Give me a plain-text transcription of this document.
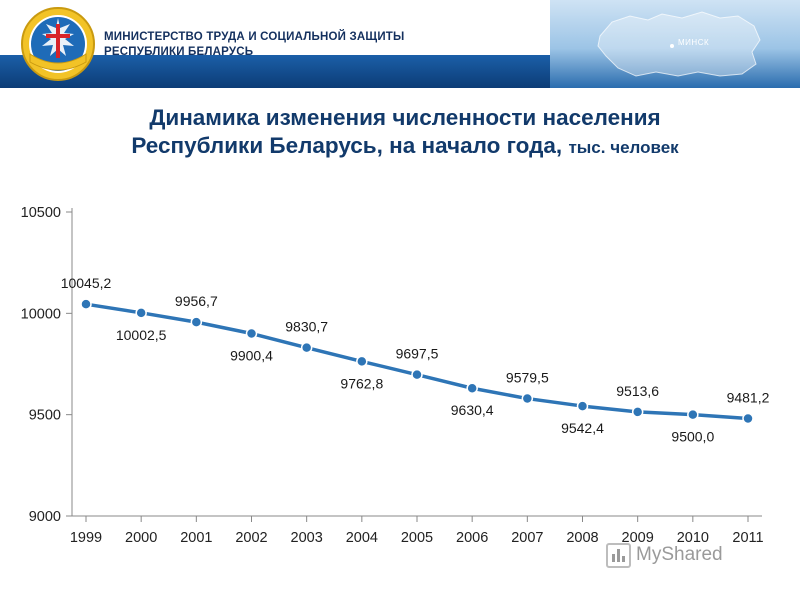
МИНСК
МИНИСТЕРСТВО ТРУДА И СОЦИАЛЬНОЙ ЗАЩИТЫ
РЕСПУБЛИКИ БЕЛАРУСЬ
Динамика изменения численности населения
Республики Беларусь, на начало года, тыс. человек
9000
9500
10000
10500
1999 2000 2001 2002 2003 2004 2005 2006 2007 2008 2009 2010 2011
10045,2
10002,5
9956,7
9900,4
9830,7
9762,8
9697,5
9630,4
9579,5
9542,4
9513,6
9500,0
9481,2
MyShared
